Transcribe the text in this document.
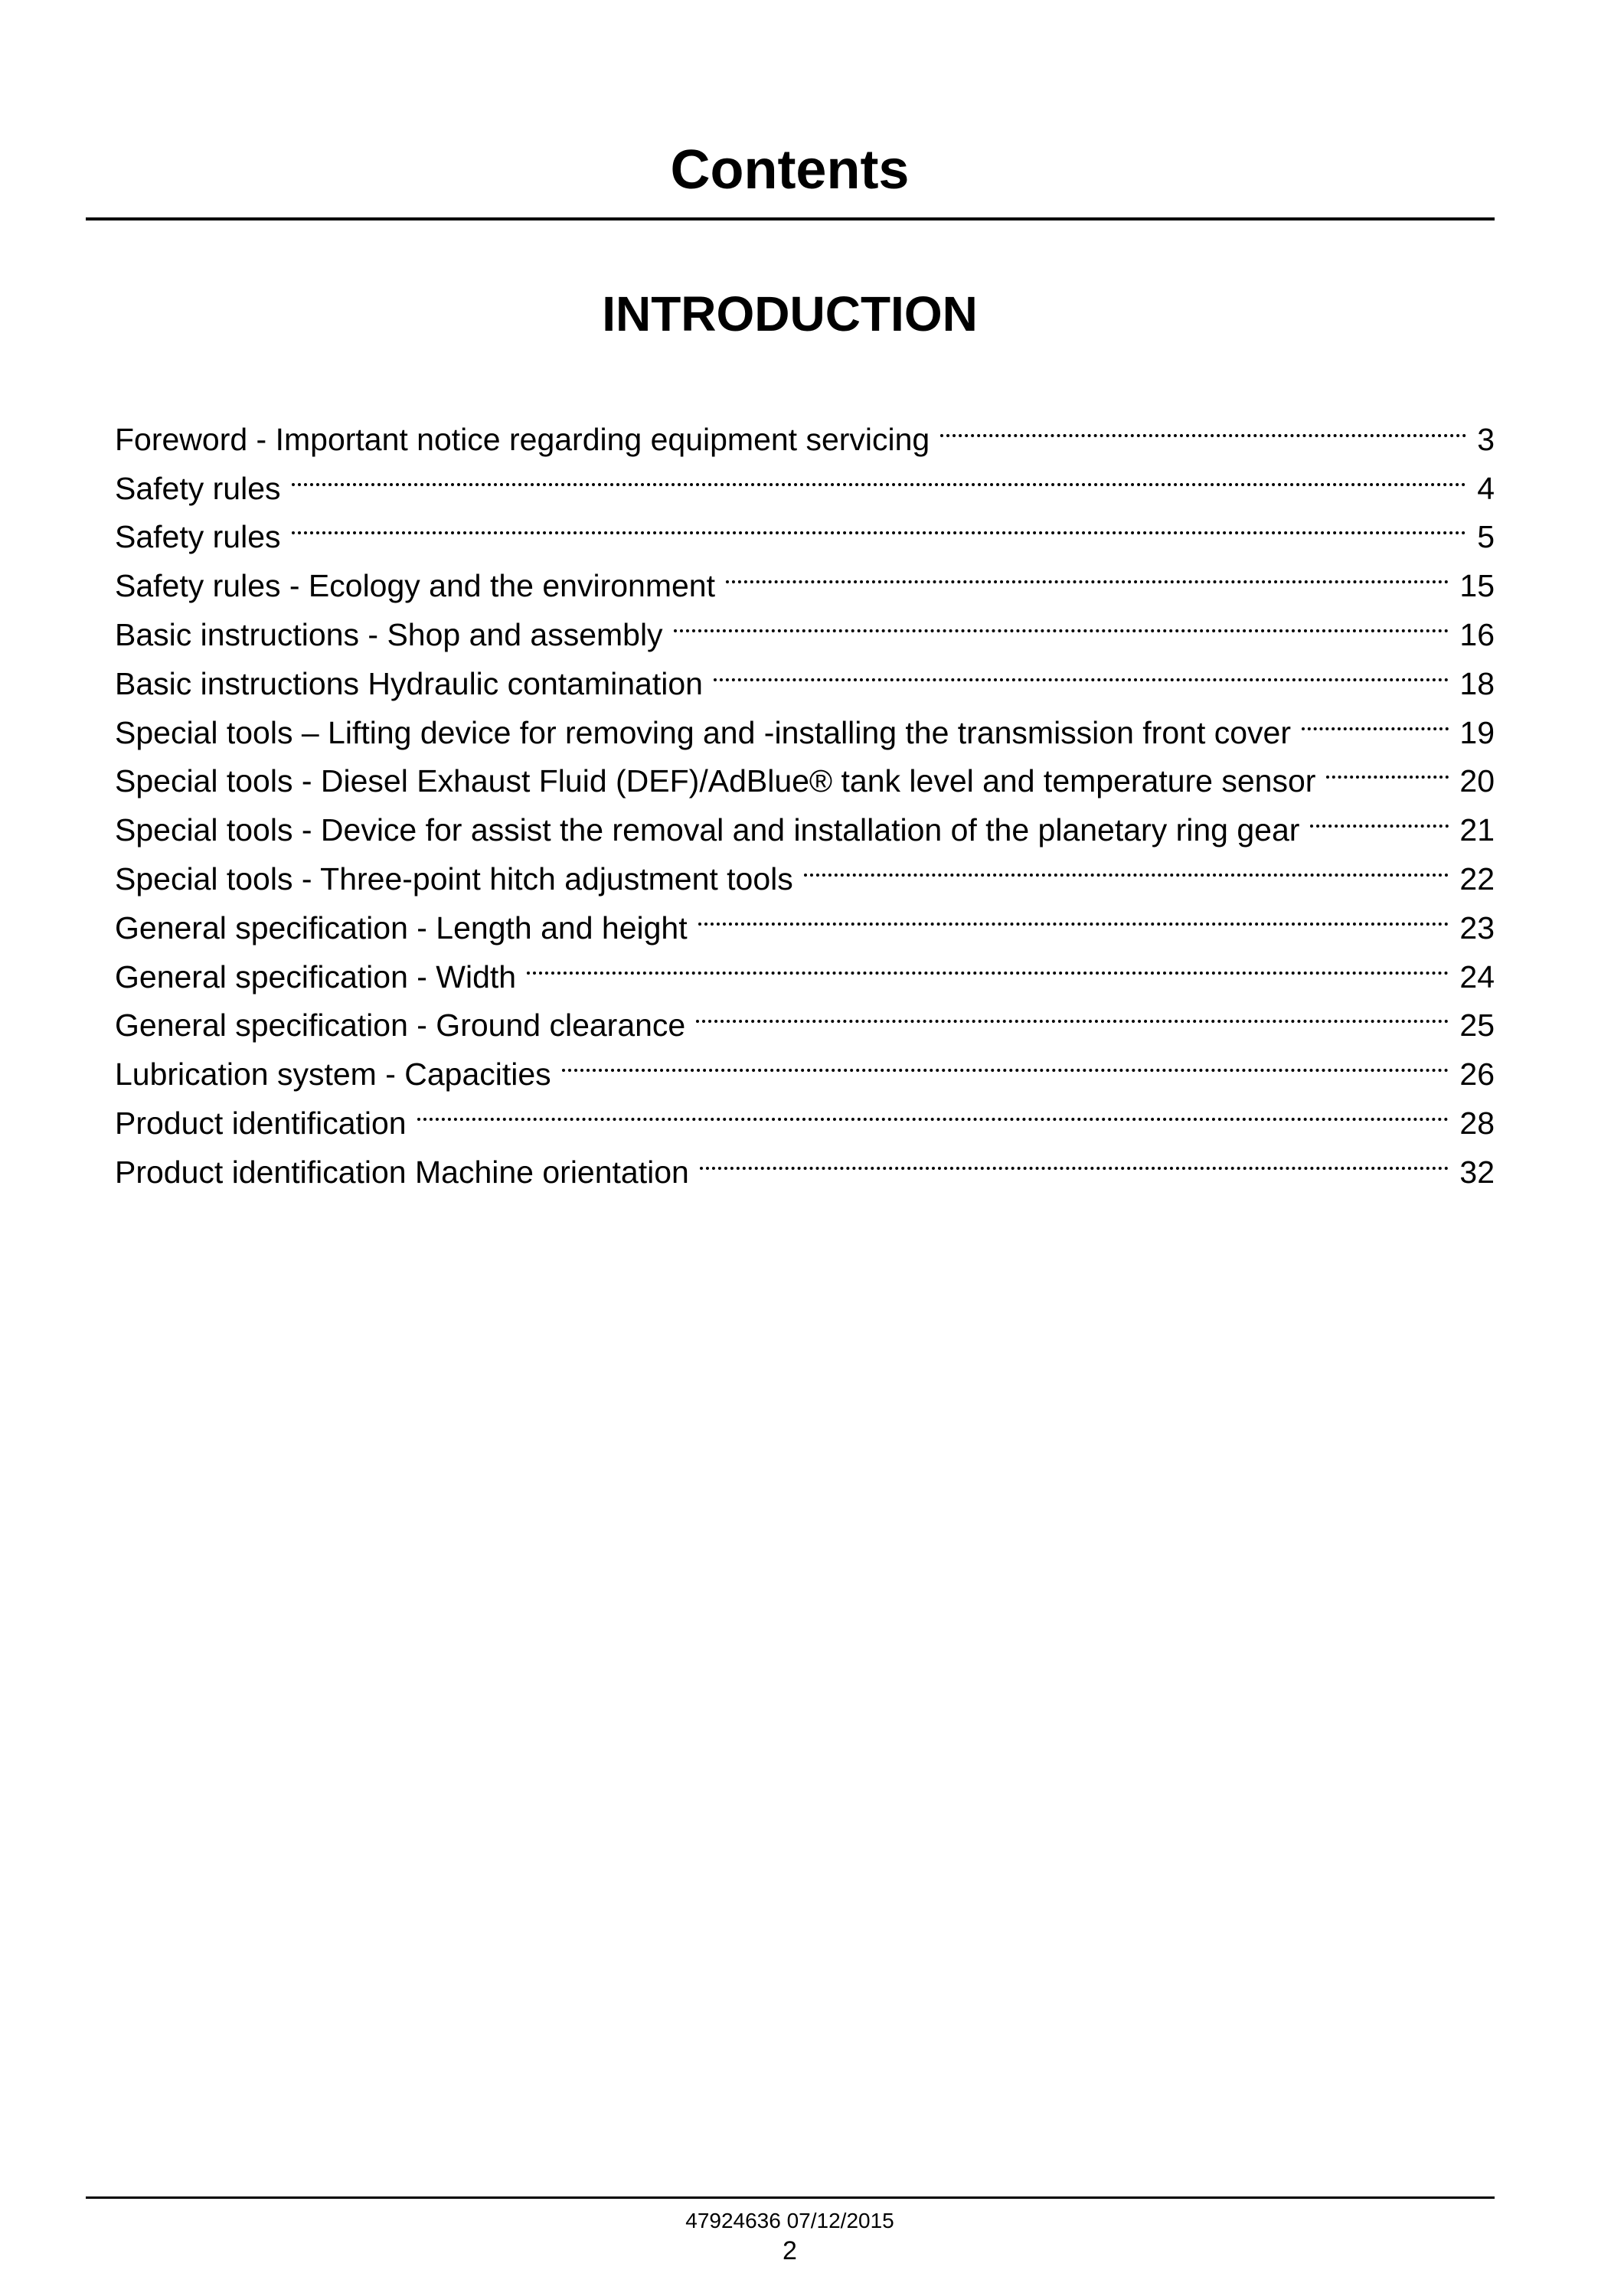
Contents
INTRODUCTION
Foreword - Important notice regarding equipment servicing	3
Safety rules	4
Safety rules	5
Safety rules - Ecology and the environment	15
Basic instructions - Shop and assembly	16
Basic instructions Hydraulic contamination	18
Special tools – Lifting device for removing and -installing the transmission front cover	19
Special tools - Diesel Exhaust Fluid (DEF)/AdBlue® tank level and temperature sensor	20
Special tools - Device for assist the removal and installation of the planetary ring gear	21
Special tools - Three-point hitch adjustment tools	22
General specification - Length and height	23
General specification - Width	24
General specification - Ground clearance	25
Lubrication system - Capacities	26
Product identification	28
Product identification Machine orientation	32
47924636 07/12/2015
2
